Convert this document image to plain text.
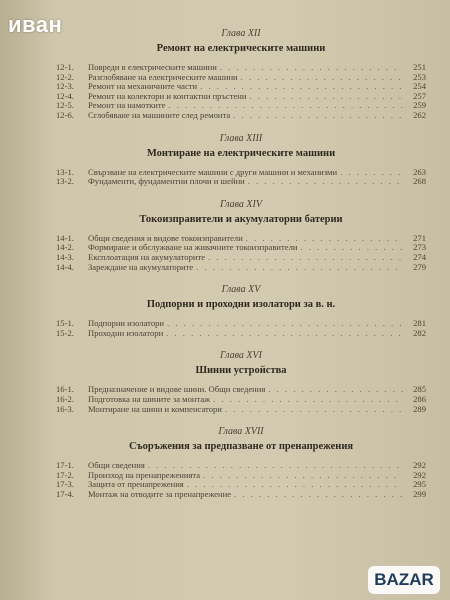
Глава XII
Ремонт на електрическите машини
12-1.	Повреди в електрическите машини . . .	251
12-2.	Разглобяване на електрическите машини . . .	253
12-3.	Ремонт на механичните части . . .	254
12-4.	Ремонт на колектори и контактни пръстени . . .	257
12-5.	Ремонт на намотките . . .	259
12-6.	Сглобяване на машините след ремонта . . .	262
Глава XIII
Монтиране на електрическите машини
13-1.	Свързване на електрическите машини с други машини и механизми . . .	263
13-2.	Фундаменти, фундаментни плочи и шейни . . .	268
Глава XIV
Токоизправители и акумулаторни батерии
14-1.	Общи сведения и видове токоизправители . . .	271
14-2.	Формиране и обслужване на живачните токоизправители . . .	273
14-3.	Експлоатация на акумулаторите . . .	274
14-4.	Зареждане на акумулаторите . . .	279
Глава XV
Подпорни и проходни изолатори за в. н.
15-1.	Подпорни изолатори . . .	281
15-2.	Проходни изолатори . . .	282
Глава XVI
Шинни устройства
16-1.	Предназначение и видове шини. Общи сведения . . .	285
16-2.	Подготовка на шините за монтаж . . .	286
16-3.	Монтиране на шини и компенсатори . . .	289
Глава XVII
Съоръжения за предпазване от пренапрежения
17-1.	Общи сведения . . .	292
17-2.	Произход на пренапреженията . . .	292
17-3.	Защита от пренапрежения . . .	295
17-4.	Монтаж на отводите за пренапрежение . . .	299
иван
BAZAR
